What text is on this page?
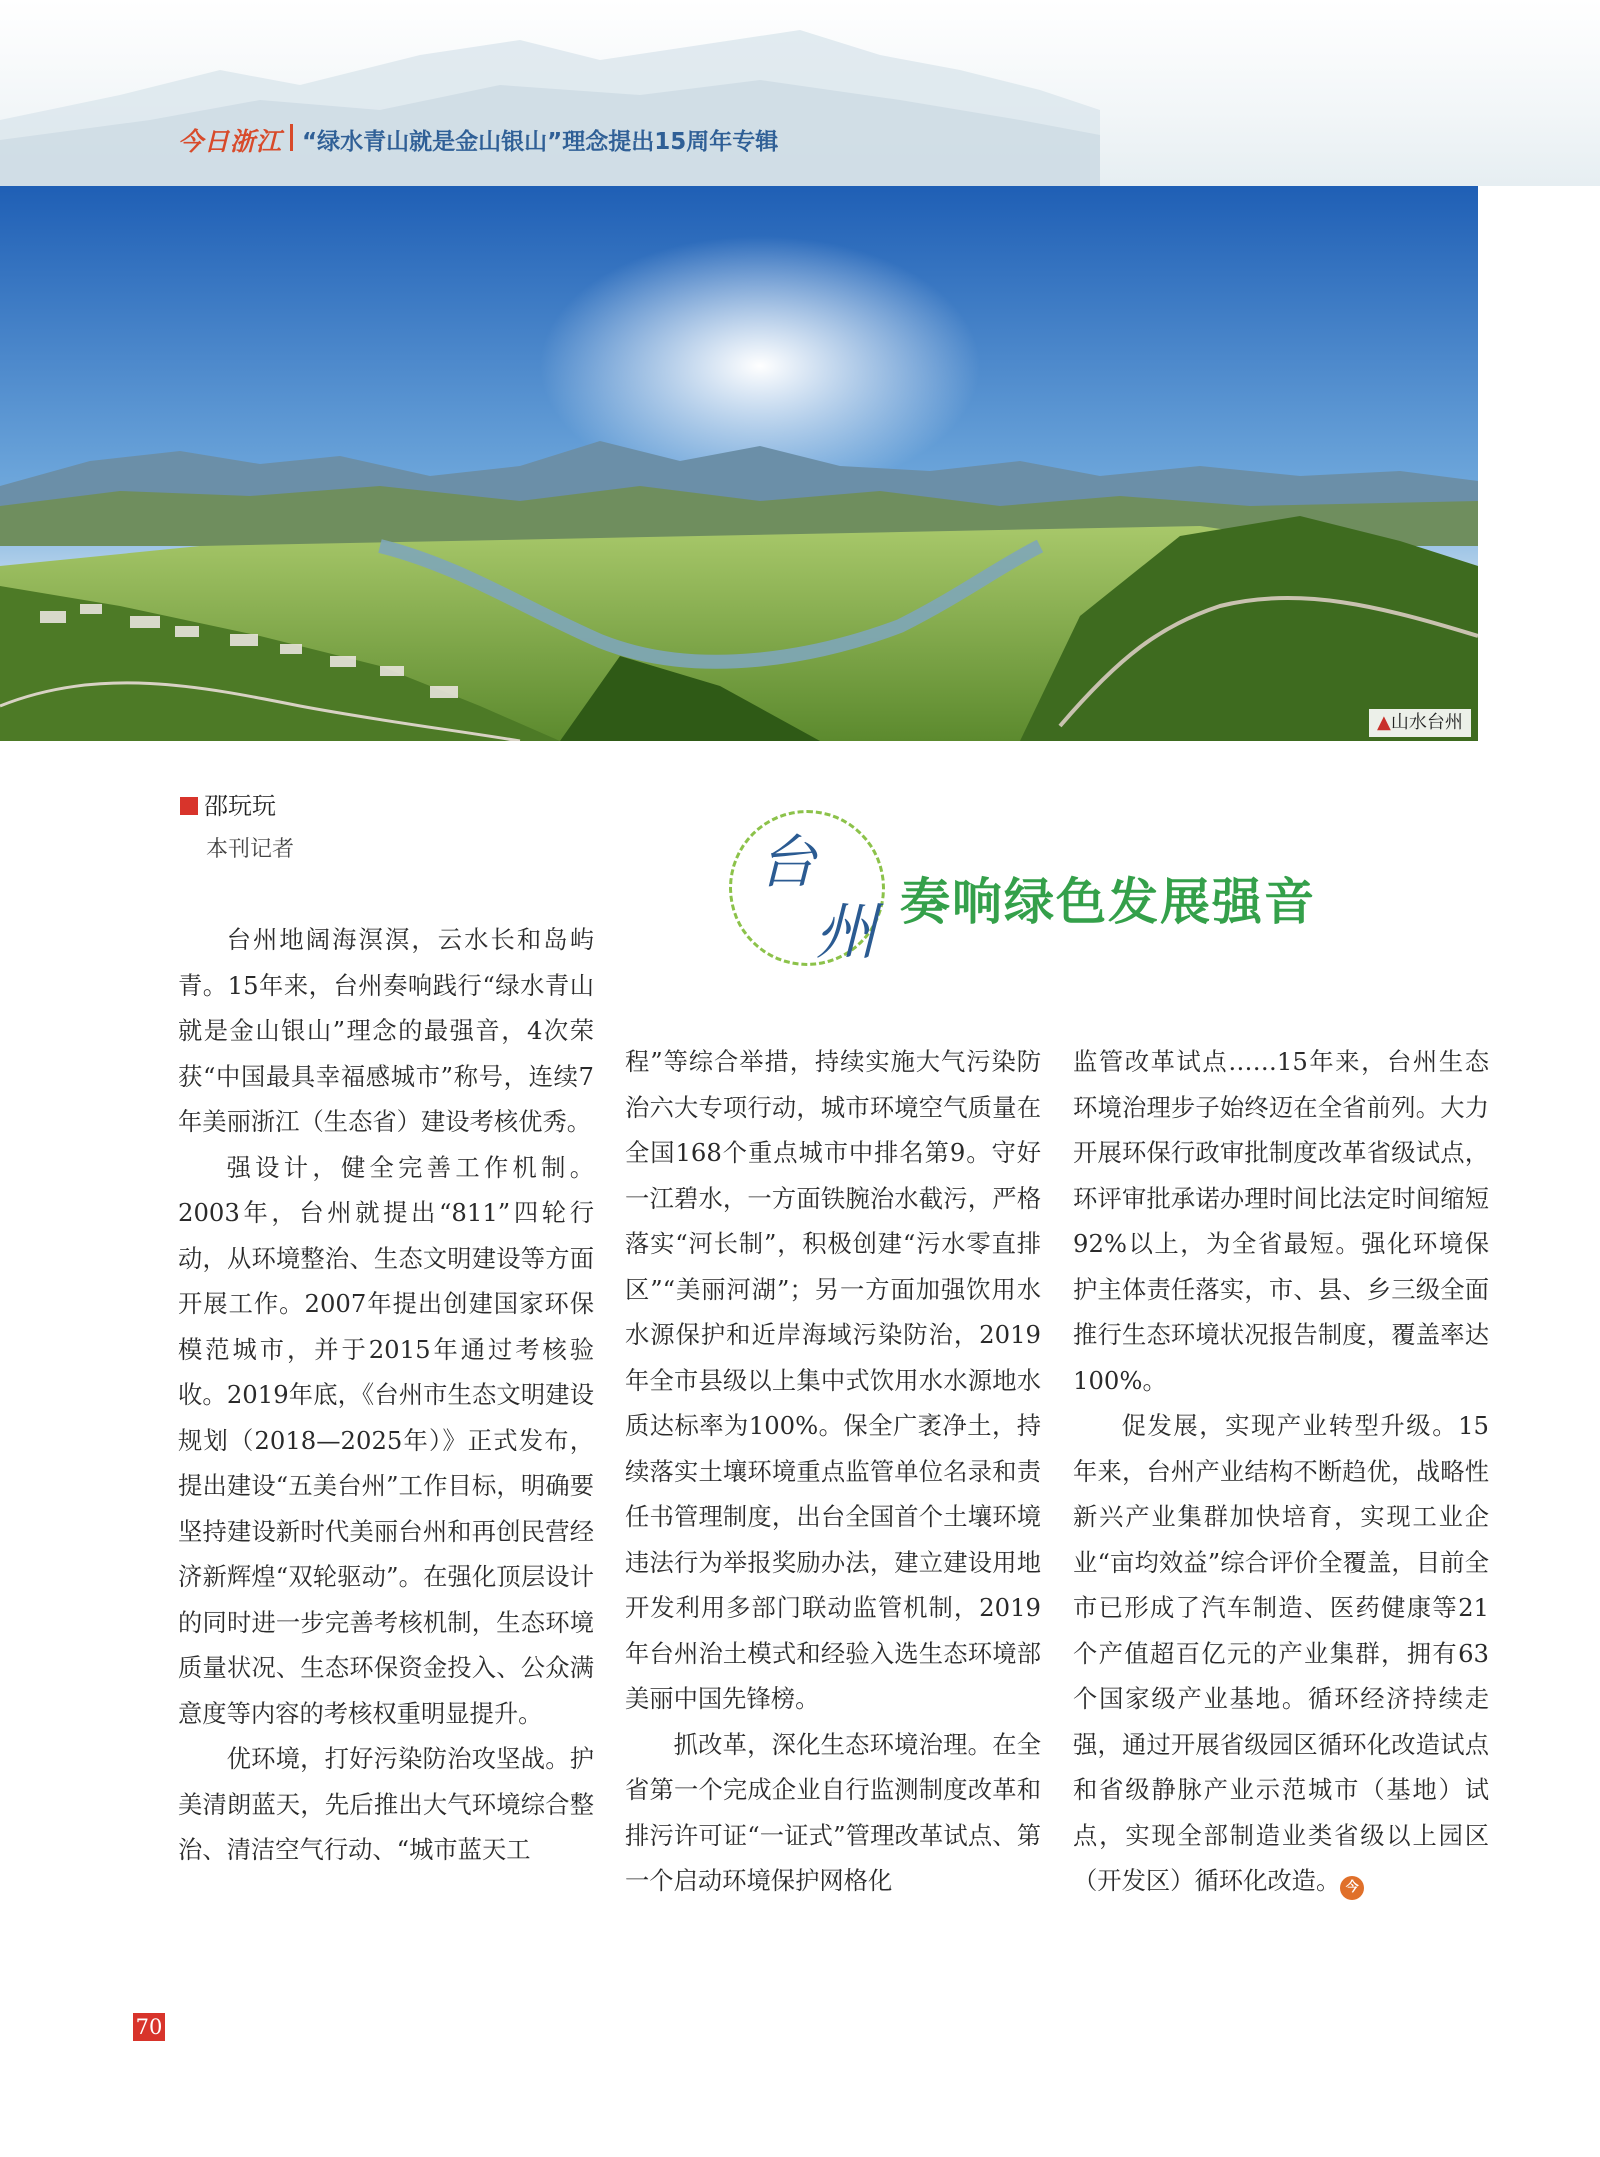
今日浙江 “绿水青山就是金山银山”理念提出15周年专辑
▲山水台州
邵玩玩
本刊记者	台
州 奏响绿色发展强音

台州地阔海溟溟，云水长和岛屿青。15年来，台州奏响践行“绿水青山就是金山银山”理念的最强音，4次荣获“中国最具幸福感城市”称号，连续7年美丽浙江（生态省）建设考核优秀。

强设计，健全完善工作机制。2003年，台州就提出“811”四轮行动，从环境整治、生态文明建设等方面开展工作。2007年提出创建国家环保模范城市，并于2015年通过考核验收。2019年底，《台州市生态文明建设规划（2018—2025年）》正式发布，提出建设“五美台州”工作目标，明确要坚持建设新时代美丽台州和再创民营经济新辉煌“双轮驱动”。在强化顶层设计的同时进一步完善考核机制，生态环境质量状况、生态环保资金投入、公众满意度等内容的考核权重明显提升。

优环境，打好污染防治攻坚战。护美清朗蓝天，先后推出大气环境综合整治、清洁空气行动、“城市蓝天工

程”等综合举措，持续实施大气污染防治六大专项行动，城市环境空气质量在全国168个重点城市中排名第9。守好一江碧水，一方面铁腕治水截污，严格落实“河长制”，积极创建“污水零直排区”“美丽河湖”；另一方面加强饮用水水源保护和近岸海域污染防治，2019年全市县级以上集中式饮用水水源地水质达标率为100%。保全广袤净土，持续落实土壤环境重点监管单位名录和责任书管理制度，出台全国首个土壤环境违法行为举报奖励办法，建立建设用地开发利用多部门联动监管机制，2019年台州治土模式和经验入选生态环境部美丽中国先锋榜。

抓改革，深化生态环境治理。在全省第一个完成企业自行监测制度改革和排污许可证“一证式”管理改革试点、第一个启动环境保护网格化

监管改革试点……15年来，台州生态环境治理步子始终迈在全省前列。大力开展环保行政审批制度改革省级试点，环评审批承诺办理时间比法定时间缩短92%以上，为全省最短。强化环境保护主体责任落实，市、县、乡三级全面推行生态环境状况报告制度，覆盖率达100%。

促发展，实现产业转型升级。15年来，台州产业结构不断趋优，战略性新兴产业集群加快培育，实现工业企业“亩均效益”综合评价全覆盖，目前全市已形成了汽车制造、医药健康等21个产值超百亿元的产业集群，拥有63个国家级产业基地。循环经济持续走强，通过开展省级园区循环化改造试点和省级静脉产业示范城市（基地）试点，实现全部制造业类省级以上园区（开发区）循环化改造。 今

70
